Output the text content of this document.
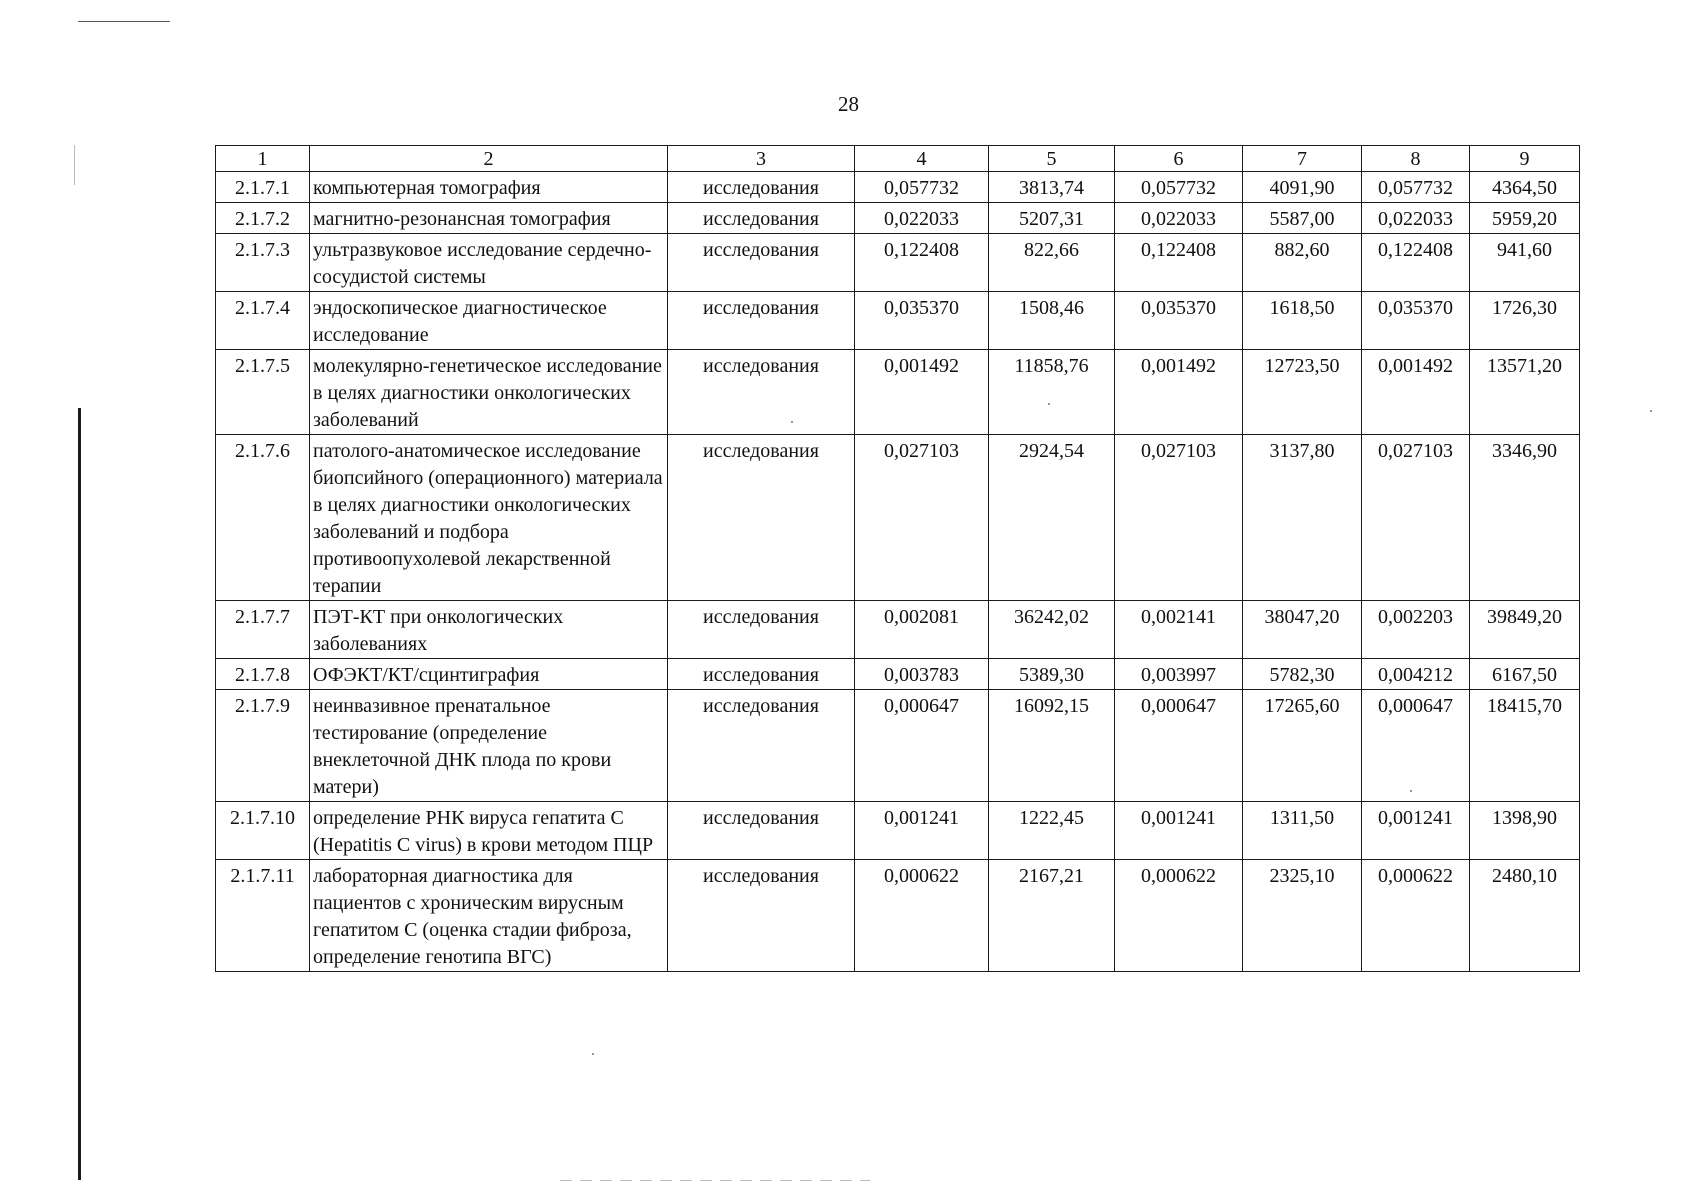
28
1	2	3	4	5	6	7	8	9
2.1.7.1	компьютерная томография	исследования	0,057732	3813,74	0,057732	4091,90	0,057732	4364,50
2.1.7.2	магнитно-резонансная томография	исследования	0,022033	5207,31	0,022033	5587,00	0,022033	5959,20
2.1.7.3	ультразвуковое исследование сердечно-сосудистой системы	исследования	0,122408	822,66	0,122408	882,60	0,122408	941,60
2.1.7.4	эндоскопическое диагностическое исследование	исследования	0,035370	1508,46	0,035370	1618,50	0,035370	1726,30
2.1.7.5	молекулярно-генетическое исследование в целях диагностики онкологических заболеваний	исследования	0,001492	11858,76	0,001492	12723,50	0,001492	13571,20
2.1.7.6	патолого-анатомическое исследование биопсийного (операционного) материала в целях диагностики онкологических заболеваний и подбора противоопухолевой лекарственной терапии	исследования	0,027103	2924,54	0,027103	3137,80	0,027103	3346,90
2.1.7.7	ПЭТ-КТ при онкологических заболеваниях	исследования	0,002081	36242,02	0,002141	38047,20	0,002203	39849,20
2.1.7.8	ОФЭКТ/КТ/сцинтиграфия	исследования	0,003783	5389,30	0,003997	5782,30	0,004212	6167,50
2.1.7.9	неинвазивное пренатальное тестирование (определение внеклеточной ДНК плода по крови матери)	исследования	0,000647	16092,15	0,000647	17265,60	0,000647	18415,70
2.1.7.10	определение РНК вируса гепатита С (Hepatitis C virus) в крови методом ПЦР	исследования	0,001241	1222,45	0,001241	1311,50	0,001241	1398,90
2.1.7.11	лабораторная диагностика для пациентов с хроническим вирусным гепатитом С (оценка стадии фиброза, определение генотипа ВГС)	исследования	0,000622	2167,21	0,000622	2325,10	0,000622	2480,10
